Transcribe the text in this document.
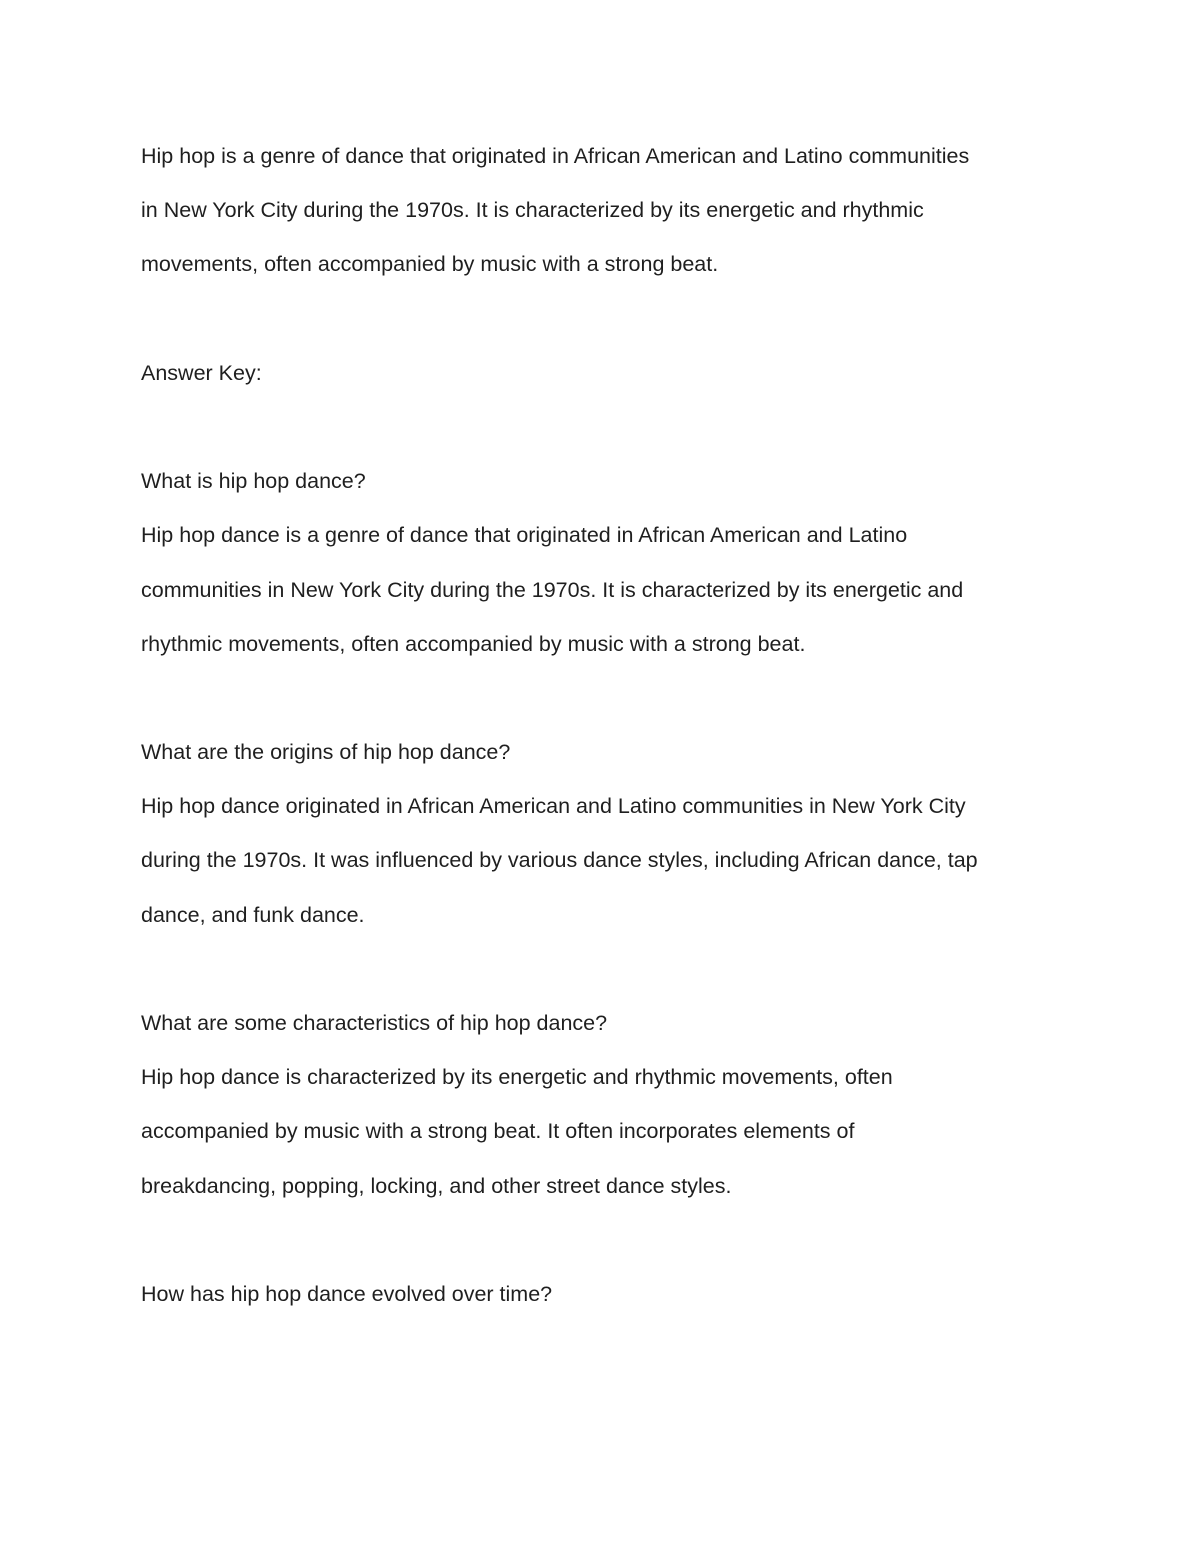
Hip hop is a genre of dance that originated in African American and Latino communities
in New York City during the 1970s. It is characterized by its energetic and rhythmic
movements, often accompanied by music with a strong beat.
Answer Key:
What is hip hop dance?
Hip hop dance is a genre of dance that originated in African American and Latino
communities in New York City during the 1970s. It is characterized by its energetic and
rhythmic movements, often accompanied by music with a strong beat.
What are the origins of hip hop dance?
Hip hop dance originated in African American and Latino communities in New York City
during the 1970s. It was influenced by various dance styles, including African dance, tap
dance, and funk dance.
What are some characteristics of hip hop dance?
Hip hop dance is characterized by its energetic and rhythmic movements, often
accompanied by music with a strong beat. It often incorporates elements of
breakdancing, popping, locking, and other street dance styles.
How has hip hop dance evolved over time?
